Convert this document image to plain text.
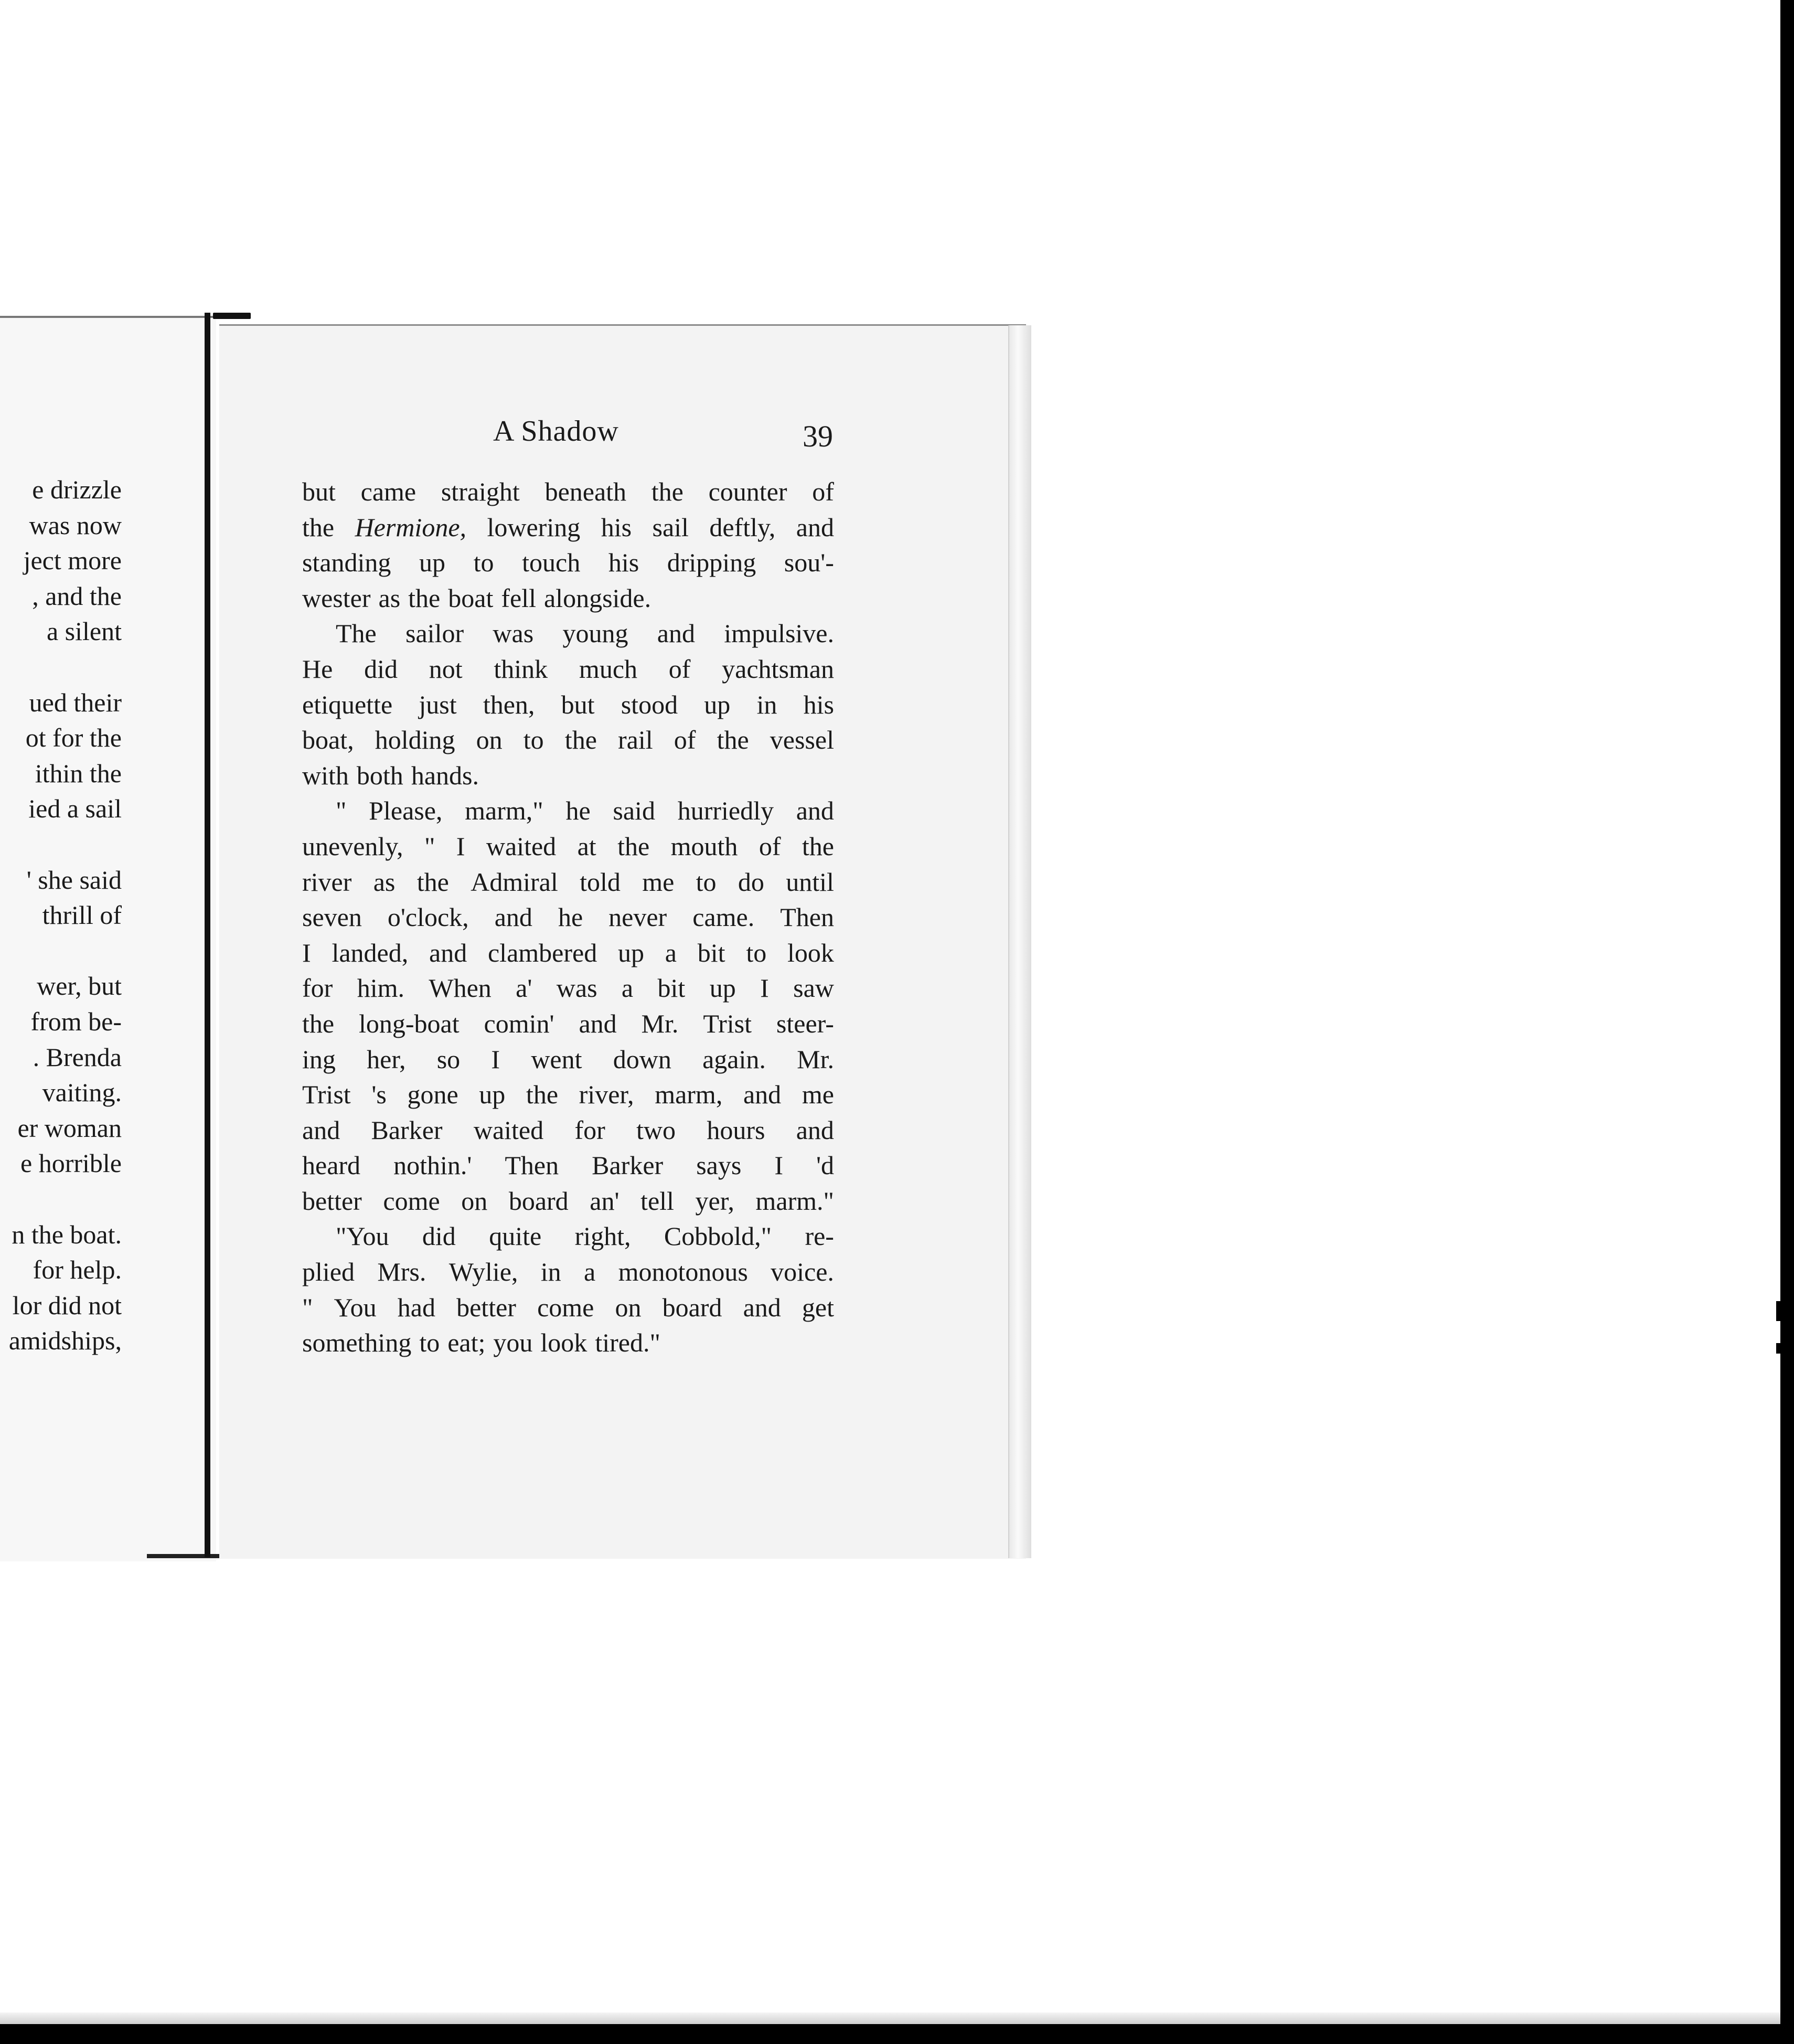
e drizzle
was now
ject more
, and the
a silent
ued their
ot for the
ithin the
ied a sail
' she said
thrill of
wer, but
from be-
. Brenda
vaiting.
er woman
e horrible
n the boat.
for help.
lor did not
amidships,
A Shadow	39
but came straight beneath the counter of
the Hermione, lowering his sail deftly, and
standing up to touch his dripping sou'-
wester as the boat fell alongside.
The sailor was young and impulsive.
He did not think much of yachtsman
etiquette just then, but stood up in his
boat, holding on to the rail of the vessel
with both hands.
" Please, marm," he said hurriedly and
unevenly, " I waited at the mouth of the
river as the Admiral told me to do until
seven o'clock, and he never came. Then
I landed, and clambered up a bit to look
for him. When a' was a bit up I saw
the long-boat comin' and Mr. Trist steer-
ing her, so I went down again. Mr.
Trist 's gone up the river, marm, and me
and Barker waited for two hours and
heard nothin.' Then Barker says I 'd
better come on board an' tell yer, marm."
"You did quite right, Cobbold," re-
plied Mrs. Wylie, in a monotonous voice.
" You had better come on board and get
something to eat; you look tired."
